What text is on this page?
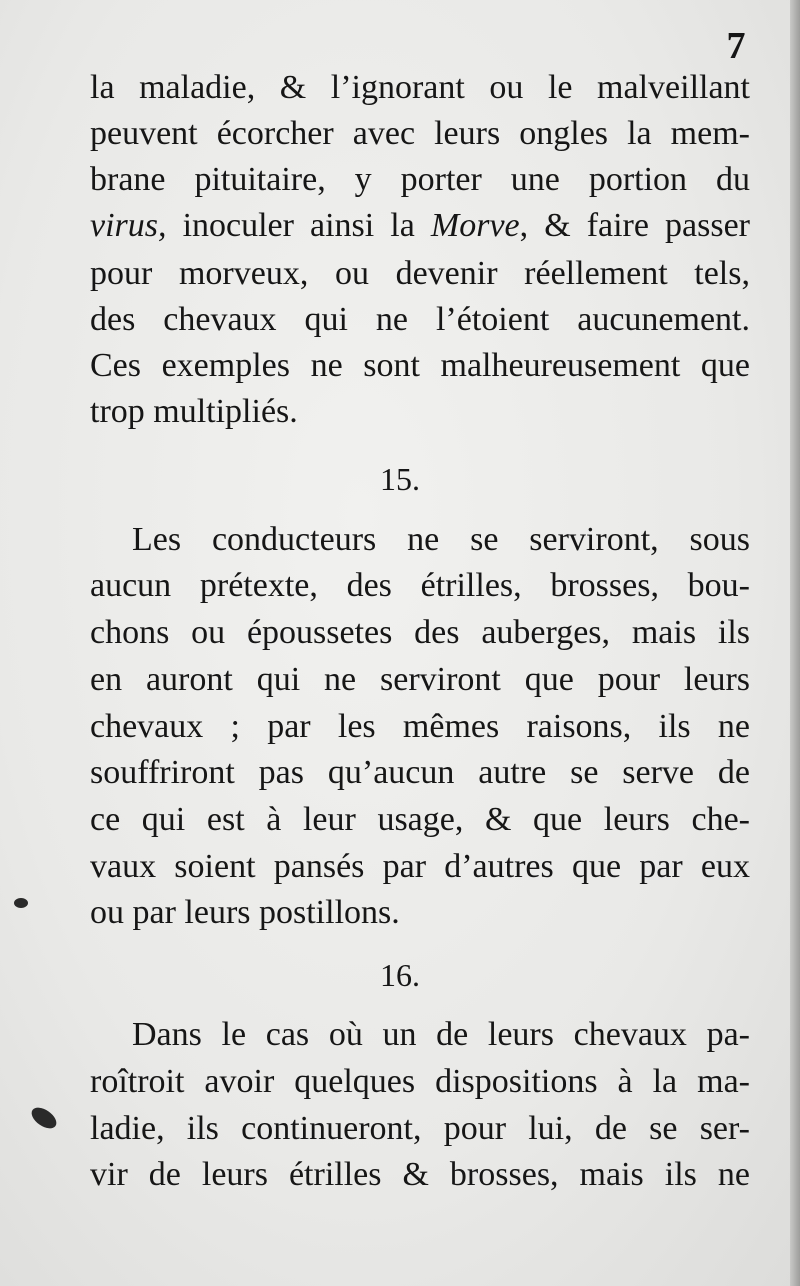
7

la maladie, & l’ignorant ou le malveillant

peuvent écorcher avec leurs ongles la mem-

brane pituitaire, y porter une portion du

virus, inoculer ainsi la Morve, & faire passer

pour morveux, ou devenir réellement tels,

des chevaux qui ne l’étoient aucunement.

Ces exemples ne sont malheureusement que

trop multipliés.

15.

Les conducteurs ne se serviront, sous

aucun prétexte, des étrilles, brosses, bou-

chons ou époussetes des auberges, mais ils

en auront qui ne serviront que pour leurs

chevaux ; par les mêmes raisons, ils ne

souffriront pas qu’aucun autre se serve de

ce qui est à leur usage, & que leurs che-

vaux soient pansés par d’autres que par eux

ou par leurs postillons.

16.

Dans le cas où un de leurs chevaux pa-

roîtroit avoir quelques dispositions à la ma-

ladie, ils continueront, pour lui, de se ser-

vir de leurs étrilles & brosses, mais ils ne
